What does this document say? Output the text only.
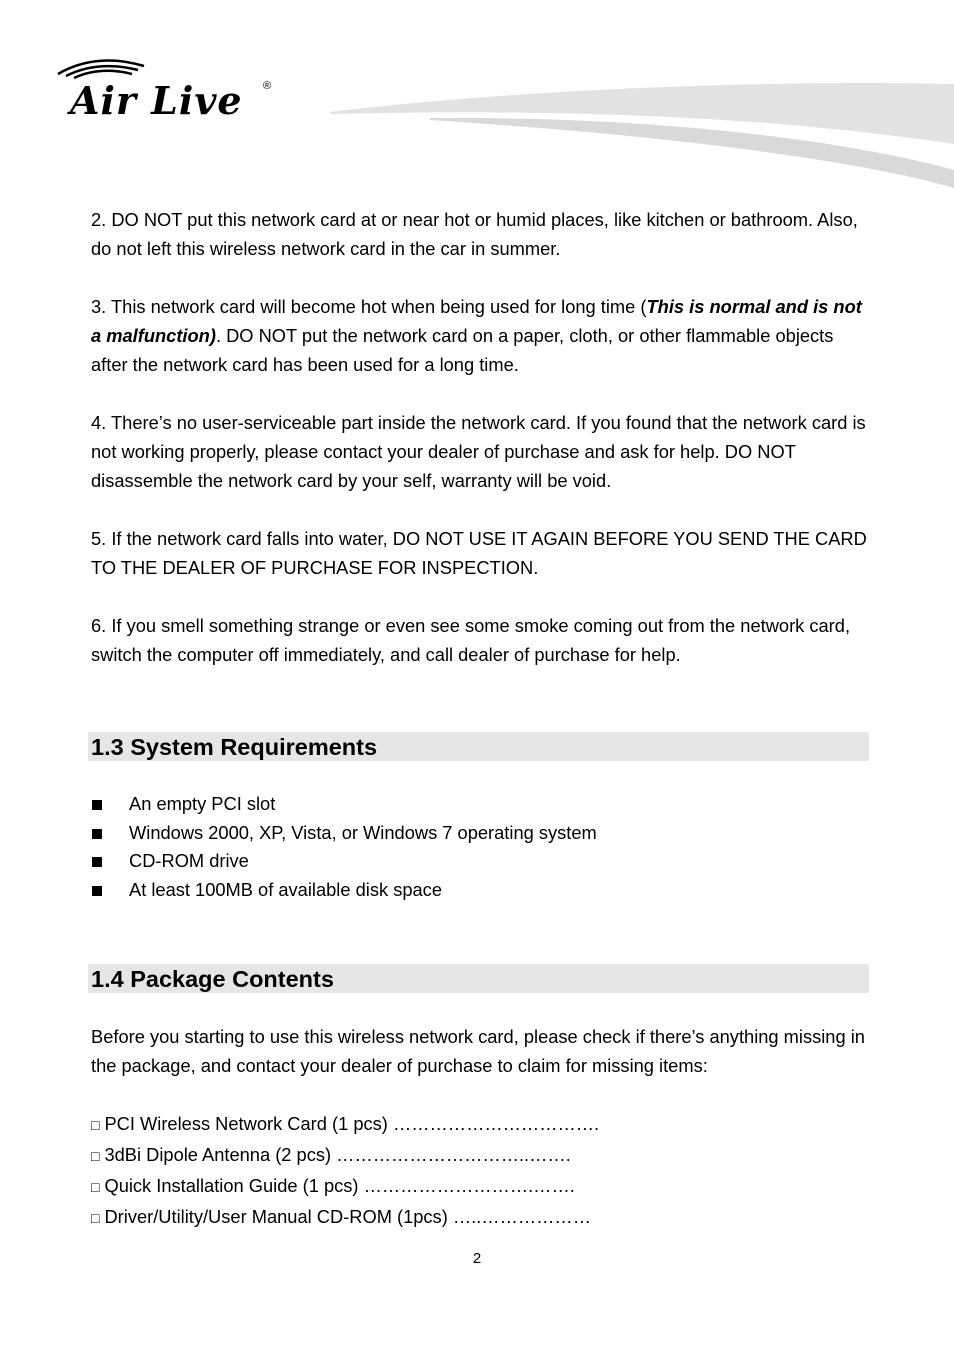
Air Live ®

2. DO NOT put this network card at or near hot or humid places, like kitchen or bathroom. Also, do not left this wireless network card in the car in summer.

3. This network card will become hot when being used for long time (This is normal and is not a malfunction). DO NOT put the network card on a paper, cloth, or other flammable objects after the network card has been used for a long time.

4. There’s no user-serviceable part inside the network card. If you found that the network card is not working properly, please contact your dealer of purchase and ask for help. DO NOT disassemble the network card by your self, warranty will be void.

5. If the network card falls into water, DO NOT USE IT AGAIN BEFORE YOU SEND THE CARD TO THE DEALER OF PURCHASE FOR INSPECTION.

6. If you smell something strange or even see some smoke coming out from the network card, switch the computer off immediately, and call dealer of purchase for help.

1.3 System Requirements
An empty PCI slot
Windows 2000, XP, Vista, or Windows 7 operating system
CD-ROM drive
At least 100MB of available disk space
1.4 Package Contents

Before you starting to use this wireless network card, please check if there’s anything missing in the package, and contact your dealer of purchase to claim for missing items:

□ PCI Wireless Network Card (1 pcs) …………………………….
□ 3dBi Dipole Antenna (2 pcs) …………………………..…….
□ Quick Installation Guide (1 pcs) ……………………….…….
□ Driver/Utility/User Manual CD-ROM (1pcs) …..………………
2
